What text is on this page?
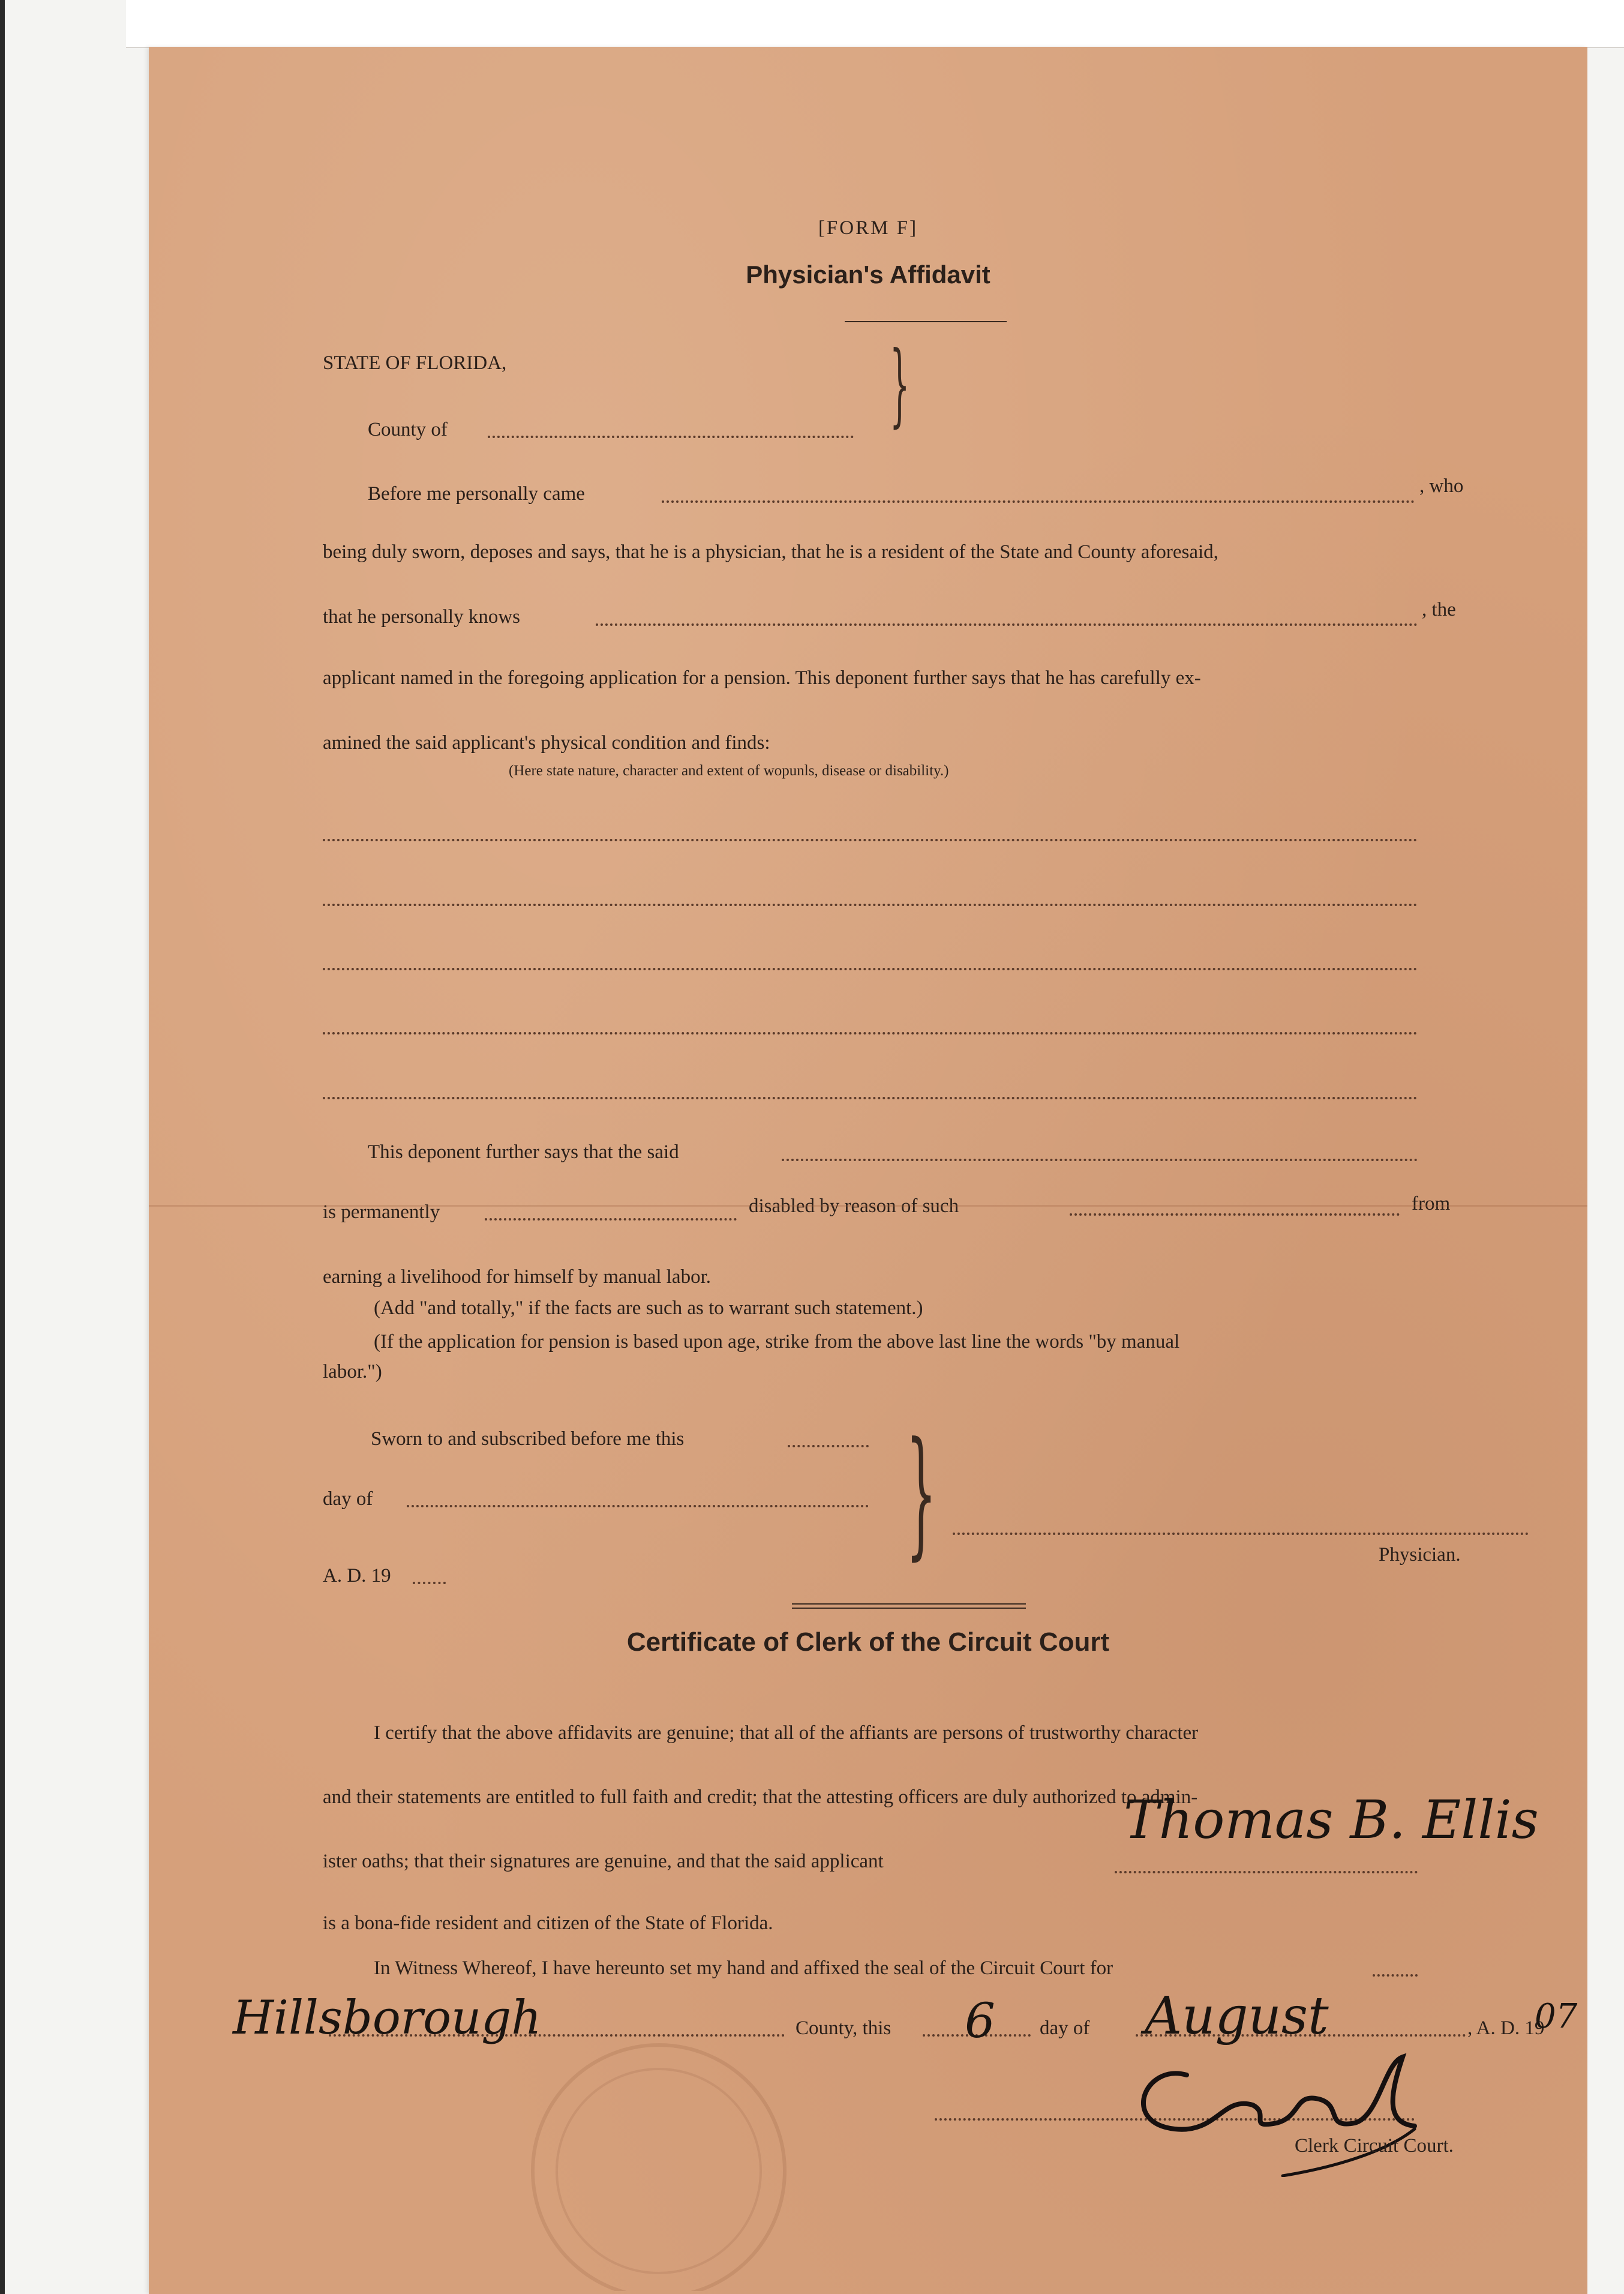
[FORM F]
Physician's Affidavit
STATE OF FLORIDA,
County of	}
Before me personally came	, who
being duly sworn, deposes and says, that he is a physician, that he is a resident of the State and County aforesaid,
that he personally knows	, the
applicant named in the foregoing application for a pension. This deponent further says that he has carefully ex-
amined the said applicant's physical condition and finds:
(Here state nature, character and extent of wopunls, disease or disability.)
This deponent further says that the said
is permanently	disabled by reason of such	from
earning a livelihood for himself by manual labor.
(Add "and totally," if the facts are such as to warrant such statement.)
(If the application for pension is based upon age, strike from the above last line the words "by manual
labor.")
Sworn to and subscribed before me this
day of
A. D. 19
}	Physician.
Certificate of Clerk of the Circuit Court
I certify that the above affidavits are genuine; that all of the affiants are persons of trustworthy character
and their statements are entitled to full faith and credit; that the attesting officers are duly authorized to admin-
ister oaths; that their signatures are genuine, and that the said applicant
Thomas B. Ellis
is a bona-fide resident and citizen of the State of Florida.
In Witness Whereof, I have hereunto set my hand and affixed the seal of the Circuit Court for
Hillsborough	County, this 6 day of August	, A. D. 19
07
Clerk Circuit Court.
